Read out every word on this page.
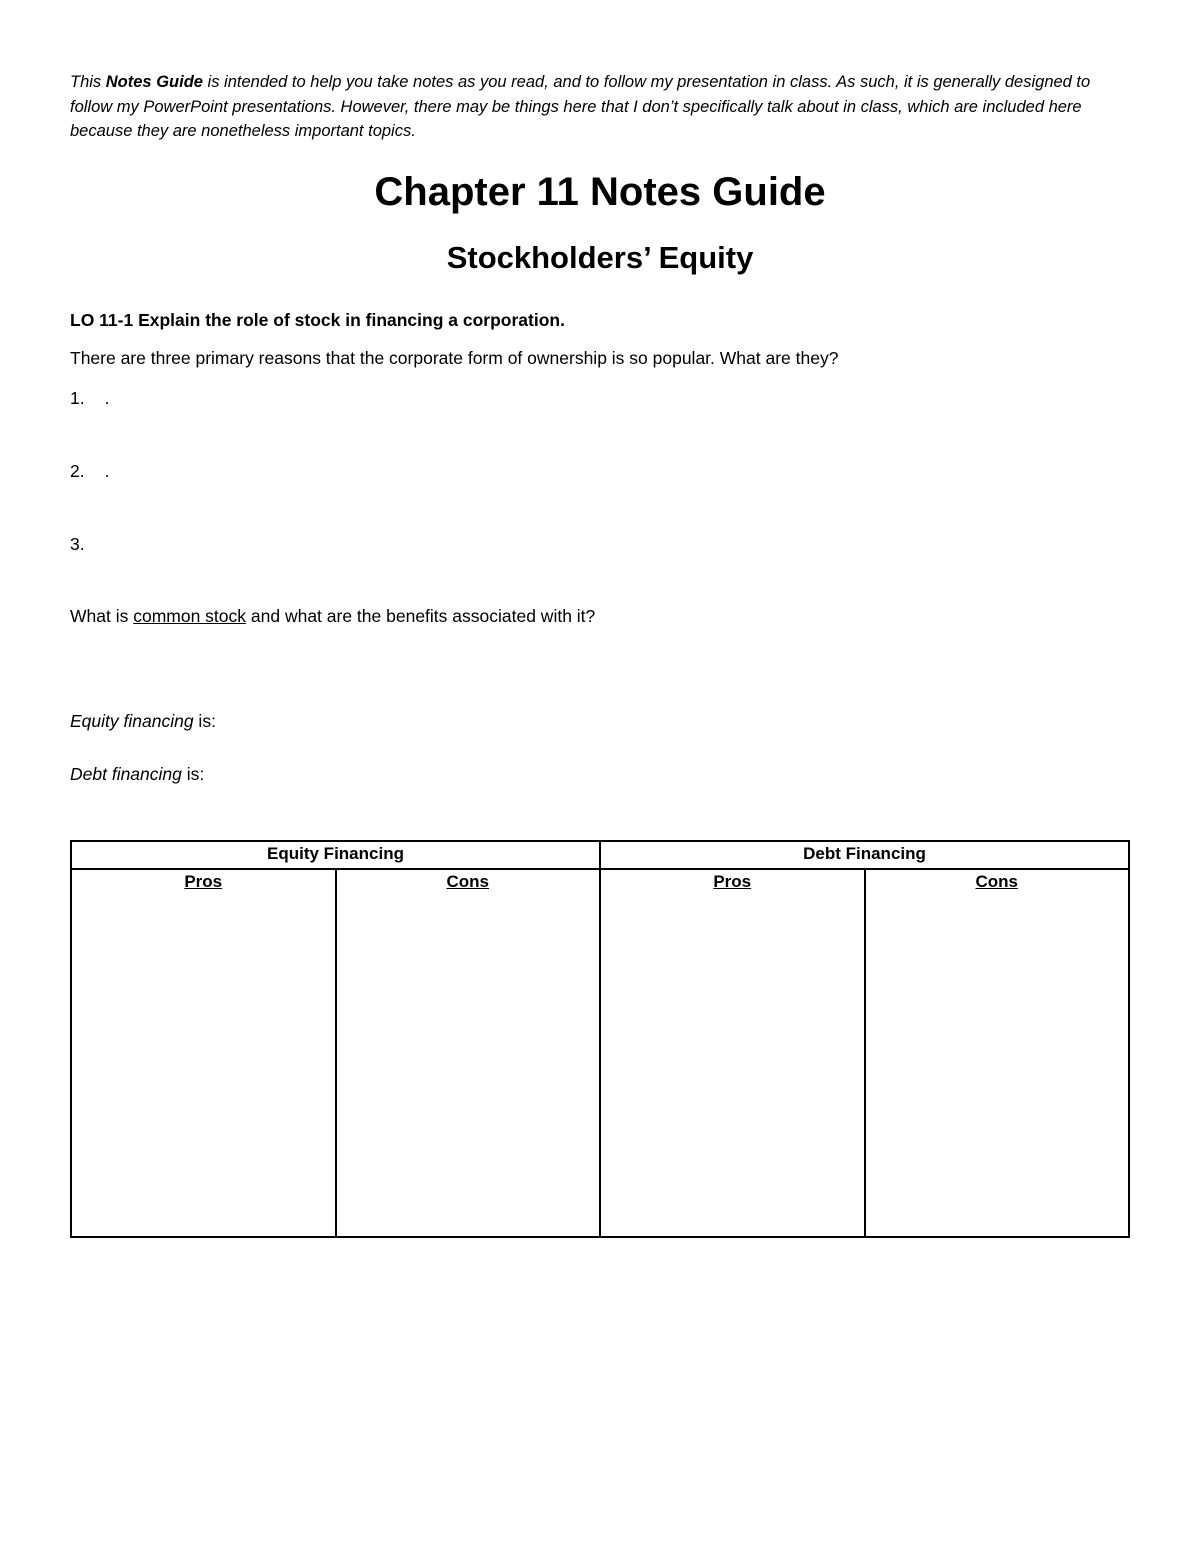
This Notes Guide is intended to help you take notes as you read, and to follow my presentation in class. As such, it is generally designed to follow my PowerPoint presentations. However, there may be things here that I don’t specifically talk about in class, which are included here because they are nonetheless important topics.
Chapter 11 Notes Guide
Stockholders’ Equity
LO 11-1 Explain the role of stock in financing a corporation.
There are three primary reasons that the corporate form of ownership is so popular. What are they?
1. .
2. .
3.
What is common stock and what are the benefits associated with it?
Equity financing is:
Debt financing is:
Equity Financing		Debt Financing	
Pros	Cons	Pros	Cons
